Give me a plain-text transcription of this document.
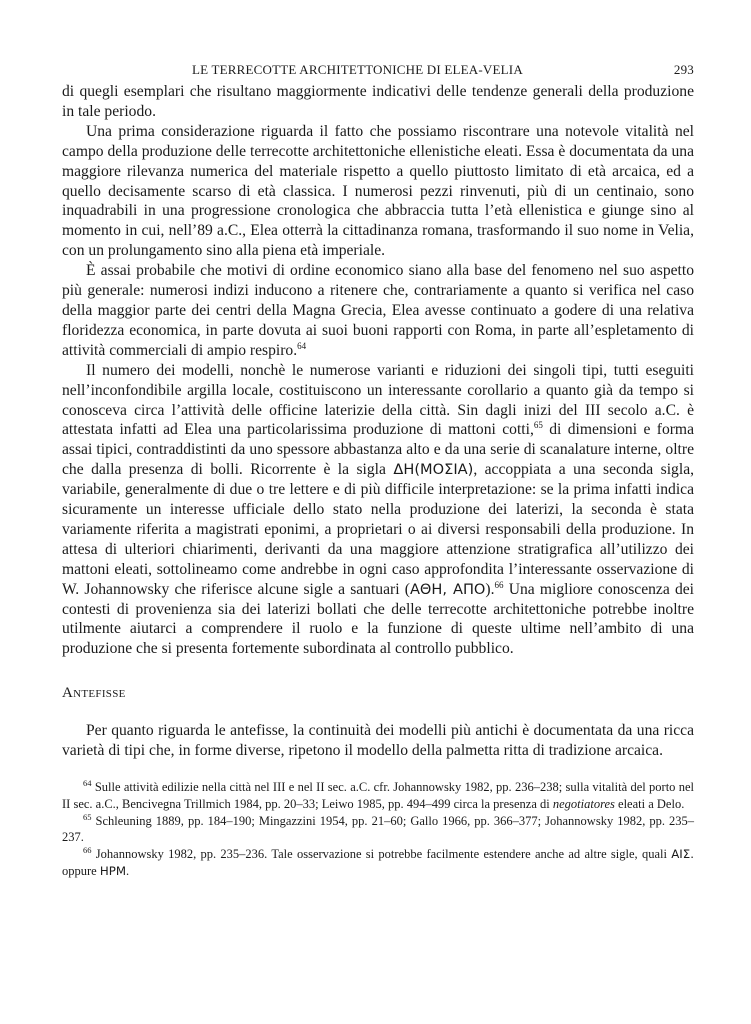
LE TERRECOTTE ARCHITETTONICHE DI ELEA-VELIA	293

di quegli esemplari che risultano maggiormente indicativi delle tendenze generali della produzione in tale periodo.

Una prima considerazione riguarda il fatto che possiamo riscontrare una notevole vitalità nel campo della produzione delle terrecotte architettoniche ellenistiche eleati. Essa è documentata da una maggiore rilevanza numerica del materiale rispetto a quello piuttosto limitato di età arcaica, ed a quello decisamente scarso di età classica. I numerosi pezzi rinvenuti, più di un centinaio, sono inquadrabili in una progressione cronologica che abbraccia tutta l’età ellenistica e giunge sino al momento in cui, nell’89 a.C., Elea otterrà la cittadinanza romana, trasformando il suo nome in Velia, con un prolungamento sino alla piena età imperiale.

È assai probabile che motivi di ordine economico siano alla base del fenomeno nel suo aspetto più generale: numerosi indizi inducono a ritenere che, contrariamente a quanto si verifica nel caso della maggior parte dei centri della Magna Grecia, Elea avesse continuato a godere di una relativa floridezza economica, in parte dovuta ai suoi buoni rapporti con Roma, in parte all’espletamento di attività commerciali di ampio respiro.$^{64}$

Il numero dei modelli, nonchè le numerose varianti e riduzioni dei singoli tipi, tutti eseguiti nell’inconfondibile argilla locale, costituiscono un interessante corollario a quanto già da tempo si conosceva circa l’attività delle officine laterizie della città. Sin dagli inizi del III secolo a.C. è attestata infatti ad Elea una particolarissima produzione di mattoni cotti,$^{65}$ di dimensioni e forma assai tipici, contraddistinti da uno spessore abbastanza alto e da una serie di scanalature interne, oltre che dalla presenza di bolli. Ricorrente è la sigla ΔΗ(ΜΟΣΙΑ), accoppiata a una seconda sigla, variabile, generalmente di due o tre lettere e di più difficile interpretazione: se la prima infatti indica sicuramente un interesse ufficiale dello stato nella produzione dei laterizi, la seconda è stata variamente riferita a magistrati eponimi, a proprietari o ai diversi responsabili della produzione. In attesa di ulteriori chiarimenti, derivanti da una maggiore attenzione stratigrafica all’utilizzo dei mattoni eleati, sottolineamo come andrebbe in ogni caso approfondita l’interessante osservazione di W. Johannowsky che riferisce alcune sigle a santuari (ΑΘΗ, ΑΠΟ).$^{66}$ Una migliore conoscenza dei contesti di provenienza sia dei laterizi bollati che delle terrecotte architettoniche potrebbe inoltre utilmente aiutarci a comprendere il ruolo e la funzione di queste ultime nell’ambito di una produzione che si presenta fortemente subordinata al controllo pubblico.

Antefisse

Per quanto riguarda le antefisse, la continuità dei modelli più antichi è documentata da una ricca varietà di tipi che, in forme diverse, ripetono il modello della palmetta ritta di tradizione arcaica.

$^{64}$ Sulle attività edilizie nella città nel III e nel II sec. a.C. cfr. Johannowsky 1982, pp. 236–238; sulla vitalità del porto nel II sec. a.C., Bencivegna Trillmich 1984, pp. 20–33; Leiwo 1985, pp. 494–499 circa la presenza di negotiatores eleati a Delo.

$^{65}$ Schleuning 1889, pp. 184–190; Mingazzini 1954, pp. 21–60; Gallo 1966, pp. 366–377; Johannowsky 1982, pp. 235–237.

$^{66}$ Johannowsky 1982, pp. 235–236. Tale osservazione si potrebbe facilmente estendere anche ad altre sigle, quali ΑΙΣ. oppure ΗΡΜ.
